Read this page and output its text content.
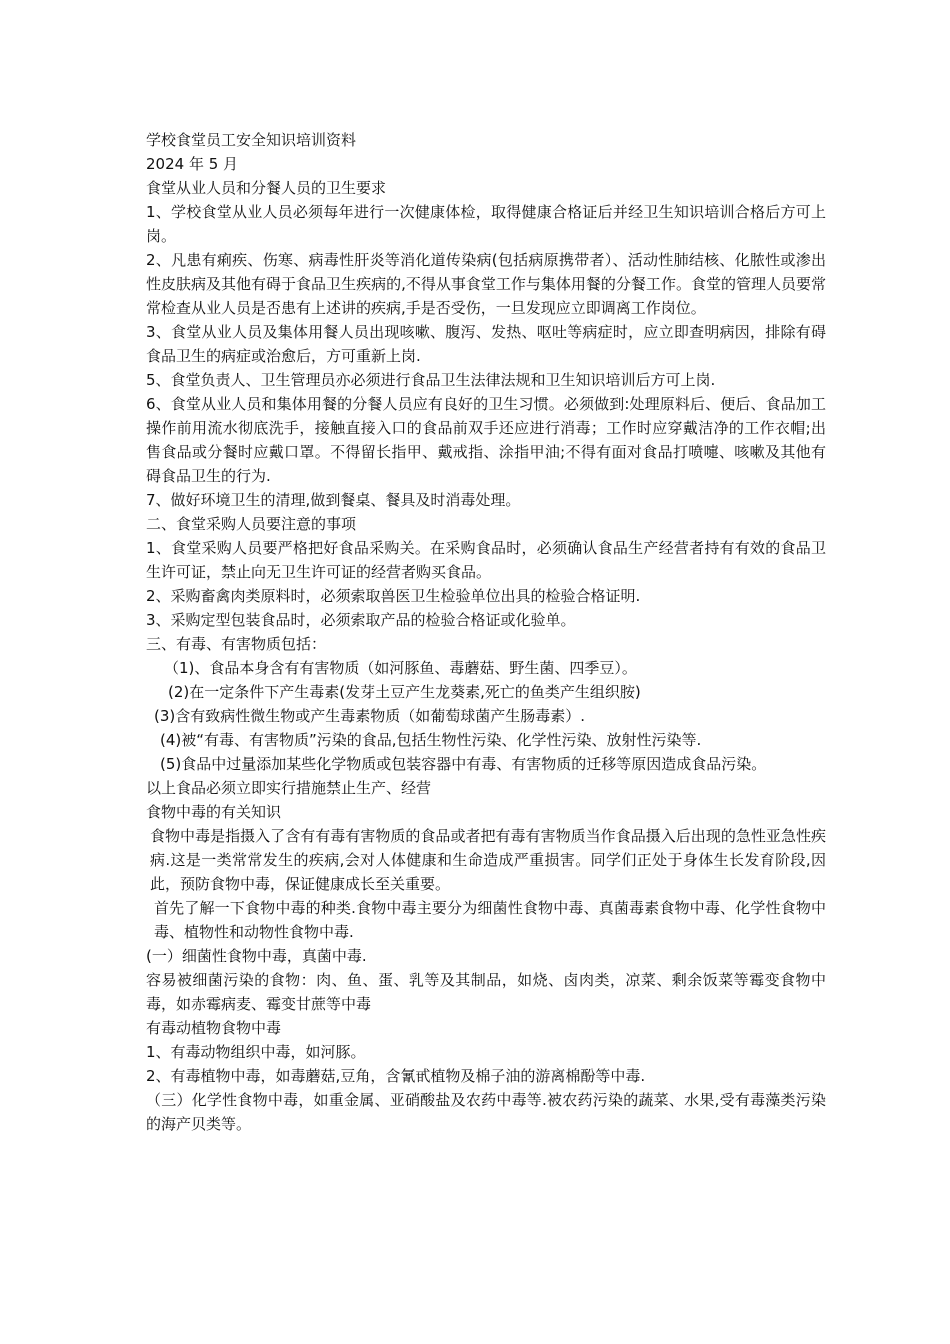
学校食堂员工安全知识培训资料

2024 年 5 月

食堂从业人员和分餐人员的卫生要求

1、学校食堂从业人员必须每年进行一次健康体检，取得健康合格证后并经卫生知识培训合格后方可上岗。

2、凡患有痢疾、伤寒、病毒性肝炎等消化道传染病(包括病原携带者）、活动性肺结核、化脓性或渗出性皮肤病及其他有碍于食品卫生疾病的,不得从事食堂工作与集体用餐的分餐工作。食堂的管理人员要常常检查从业人员是否患有上述讲的疾病,手是否受伤，一旦发现应立即调离工作岗位。

3、食堂从业人员及集体用餐人员出现咳嗽、腹泻、发热、呕吐等病症时，应立即查明病因，排除有碍食品卫生的病症或治愈后，方可重新上岗.

5、食堂负责人、卫生管理员亦必须进行食品卫生法律法规和卫生知识培训后方可上岗.

6、食堂从业人员和集体用餐的分餐人员应有良好的卫生习惯。必须做到:处理原料后、便后、食品加工操作前用流水彻底洗手，接触直接入口的食品前双手还应进行消毒；工作时应穿戴洁净的工作衣帽;出售食品或分餐时应戴口罩。不得留长指甲、戴戒指、涂指甲油;不得有面对食品打喷嚏、咳嗽及其他有碍食品卫生的行为.

7、做好环境卫生的清理,做到餐桌、餐具及时消毒处理。

二、食堂采购人员要注意的事项

1、食堂采购人员要严格把好食品采购关。在采购食品时，必须确认食品生产经营者持有有效的食品卫生许可证，禁止向无卫生许可证的经营者购买食品。

2、采购畜禽肉类原料时，必须索取兽医卫生检验单位出具的检验合格证明.

3、采购定型包装食品时，必须索取产品的检验合格证或化验单。

三、有毒、有害物质包括：

（1)、食品本身含有有害物质（如河豚鱼、毒蘑菇、野生菌、四季豆）。

(2)在一定条件下产生毒素(发芽土豆产生龙葵素,死亡的鱼类产生组织胺)

(3)含有致病性微生物或产生毒素物质（如葡萄球菌产生肠毒素）.

(4)被“有毒、有害物质”污染的食品,包括生物性污染、化学性污染、放射性污染等.

(5)食品中过量添加某些化学物质或包装容器中有毒、有害物质的迁移等原因造成食品污染。

以上食品必须立即实行措施禁止生产、经营

食物中毒的有关知识

食物中毒是指摄入了含有有毒有害物质的食品或者把有毒有害物质当作食品摄入后出现的急性亚急性疾病.这是一类常常发生的疾病,会对人体健康和生命造成严重损害。同学们正处于身体生长发育阶段,因此，预防食物中毒，保证健康成长至关重要。

首先了解一下食物中毒的种类.食物中毒主要分为细菌性食物中毒、真菌毒素食物中毒、化学性食物中毒、植物性和动物性食物中毒.

(一）细菌性食物中毒，真菌中毒.

容易被细菌污染的食物：肉、鱼、蛋、乳等及其制品，如烧、卤肉类，凉菜、剩余饭菜等霉变食物中毒，如赤霉病麦、霉变甘蔗等中毒

有毒动植物食物中毒

1、有毒动物组织中毒，如河豚。

2、有毒植物中毒，如毒蘑菇,豆角，含氰甙植物及棉子油的游离棉酚等中毒.

（三）化学性食物中毒，如重金属、亚硝酸盐及农药中毒等.被农药污染的蔬菜、水果,受有毒藻类污染的海产贝类等。
